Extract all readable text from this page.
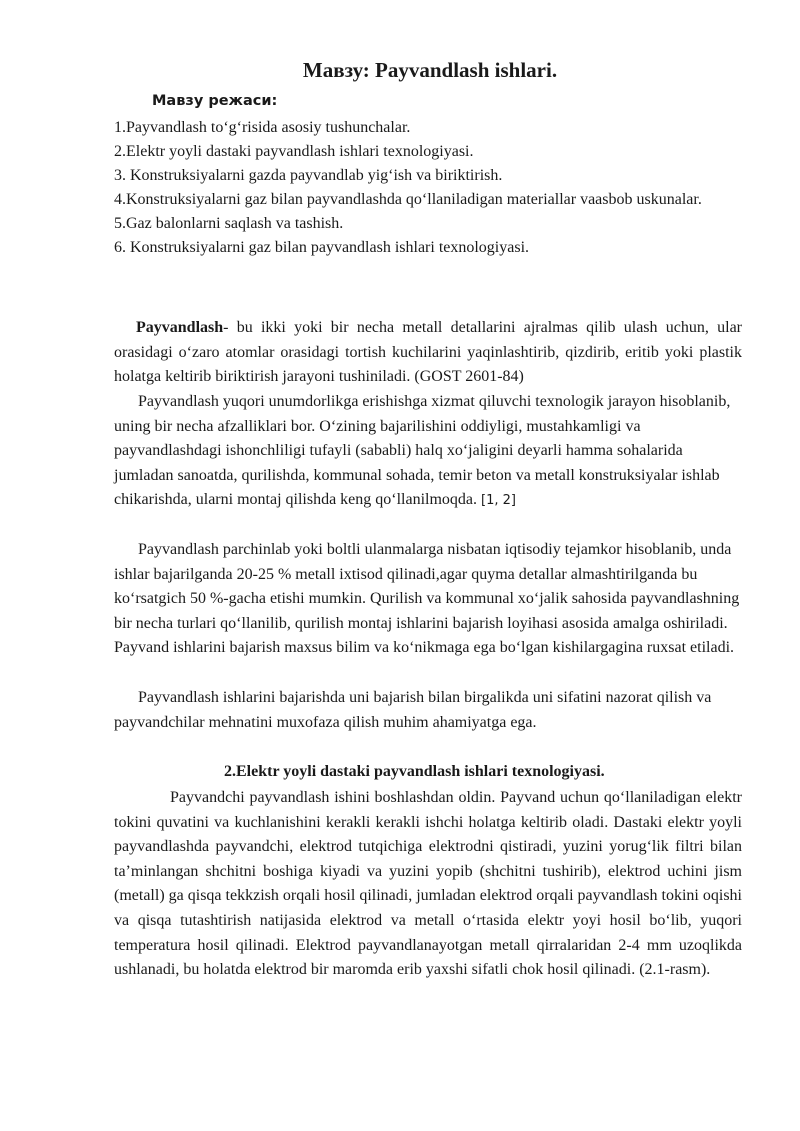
Мавзу: Payvandlash ishlari.
Мавзу режаси:
1.Payvandlash to‘g‘risida asosiy tushunchalar.
2.Elektr yoyli dastaki payvandlash ishlari texnologiyasi.
3. Konstruksiyalarni gazda payvandlab yig‘ish va biriktirish.
4.Konstruksiyalarni gaz bilan payvandlashda qo‘llaniladigan materiallar vaasbob uskunalar.
5.Gaz balonlarni saqlash va tashish.
6. Konstruksiyalarni gaz bilan payvandlash ishlari texnologiyasi.

Payvandlash- bu ikki yoki bir necha metall detallarini ajralmas qilib ulash uchun, ular orasidagi o‘zaro atomlar orasidagi tortish kuchilarini yaqinlashtirib, qizdirib, eritib yoki plastik holatga keltirib biriktirish jarayoni tushiniladi. (GOST 2601-84)

Payvandlash yuqori unumdorlikga erishishga xizmat qiluvchi texnologik jarayon hisoblanib, uning bir necha afzalliklari bor. O‘zining bajarilishini oddiyligi, mustahkamligi va payvandlashdagi ishonchliligi tufayli (sababli) halq xo‘jaligini deyarli hamma sohalarida jumladan sanoatda, qurilishda, kommunal sohada, temir beton va metall konstruksiyalar ishlab chikarishda, ularni montaj qilishda keng qo‘llanilmoqda. [1, 2]

Payvandlash parchinlab yoki boltli ulanmalarga nisbatan iqtisodiy tejamkor hisoblanib, unda ishlar bajarilganda 20-25 % metall ixtisod qilinadi,agar quyma detallar almashtirilganda bu ko‘rsatgich 50 %-gacha etishi mumkin. Qurilish va kommunal xo‘jalik sahosida payvandlashning bir necha turlari qo‘llanilib, qurilish montaj ishlarini bajarish loyihasi asosida amalga oshiriladi. Payvand ishlarini bajarish maxsus bilim va ko‘nikmaga ega bo‘lgan kishilargagina ruxsat etiladi.

Payvandlash ishlarini bajarishda uni bajarish bilan birgalikda uni sifatini nazorat qilish va payvandchilar mehnatini muxofaza qilish muhim ahamiyatga ega.

2.Elektr yoyli dastaki payvandlash ishlari texnologiyasi.

Payvandchi payvandlash ishini boshlashdan oldin. Payvand uchun qo‘llaniladigan elektr tokini quvatini va kuchlanishini kerakli kerakli ishchi holatga keltirib oladi. Dastaki elektr yoyli payvandlashda payvandchi, elektrod tutqichiga elektrodni qistiradi, yuzini yorug‘lik filtri bilan ta’minlangan shchitni boshiga kiyadi va yuzini yopib (shchitni tushirib), elektrod uchini jism (metall) ga qisqa tekkzish orqali hosil qilinadi, jumladan elektrod orqali payvandlash tokini oqishi va qisqa tutashtirish natijasida elektrod va metall o‘rtasida elektr yoyi hosil bo‘lib, yuqori temperatura hosil qilinadi. Elektrod payvandlanayotgan metall qirralaridan 2-4 mm uzoqlikda ushlanadi, bu holatda elektrod bir maromda erib yaxshi sifatli chok hosil qilinadi. (2.1-rasm).
